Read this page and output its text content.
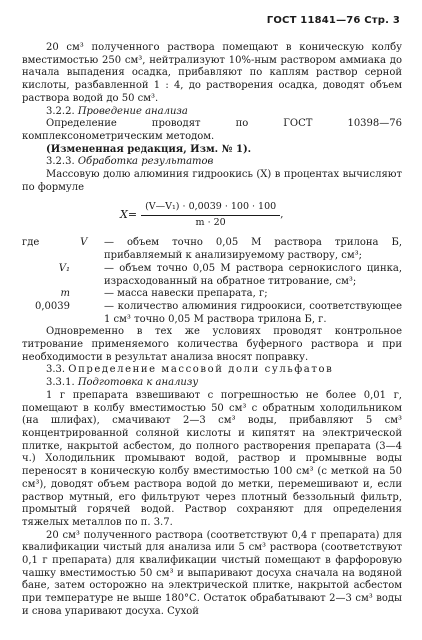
ГОСТ 11841—76 Стр. 3

20 см³ полученного раствора помещают в коническую колбу вместимостью 250 см³, нейтрализуют 10%-ным раствором аммиака до начала выпадения осадка, прибавляют по каплям раствор серной кислоты, разбавленной 1 : 4, до растворения осадка, доводят объем раствора водой до 50 см³.

3.2.2. Проведение анализа

Определение проводят по ГОСТ 10398—76 комплексонометрическим методом.

(Измененная редакция, Изм. № 1).

3.2.3. Обработка результатов

Массовую долю алюминия гидроокись (X) в процентах вычисляют по формуле

$X= \frac{\text{(V—V₁) · 0,0039 · 100 · 100}}{m \cdot 20}$ ,
где	V	— объем точно 0,05 М раствора трилона Б, прибавляемый к анализируемому раствору, см³;
V₁	— объем точно 0,05 М раствора сернокислого цинка, израсходованный на обратное титрование, см³;
m	— масса навески препарата, г;
0,0039	— количество алюминия гидроокиси, соответствующее 1 см³ точно 0,05 М раствора трилона Б, г.

Одновременно в тех же условиях проводят контрольное титрование применяемого количества буферного раствора и при необходимости в результат анализа вносят поправку.

3.3. Определение массовой доли сульфатов

3.3.1. Подготовка к анализу

1 г препарата взвешивают с погрешностью не более 0,01 г, помещают в колбу вместимостью 50 см³ с обратным холодильником (на шлифах), смачивают 2—3 см³ воды, прибавляют 5 см³ концентрированной соляной кислоты и кипятят на электрической плитке, накрытой асбестом, до полного растворения препарата (3—4 ч.) Холодильник промывают водой, раствор и промывные воды переносят в коническую колбу вместимостью 100 см³ (с меткой на 50 см³), доводят объем раствора водой до метки, перемешивают и, если раствор мутный, его фильтруют через плотный беззольный фильтр, промытый горячей водой. Раствор сохраняют для определения тяжелых металлов по п. 3.7.

20 см³ полученного раствора (соответствуют 0,4 г препарата) для квалификации чистый для анализа или 5 см³ раствора (соответствуют 0,1 г препарата) для квалификации чистый помещают в фарфоровую чашку вместимостью 50 см³ и выпаривают досуха сначала на водяной бане, затем осторожно на электрической плитке, накрытой асбестом при температуре не выше 180°С. Остаток обрабатывают 2—3 см³ воды и снова упаривают досуха. Сухой
